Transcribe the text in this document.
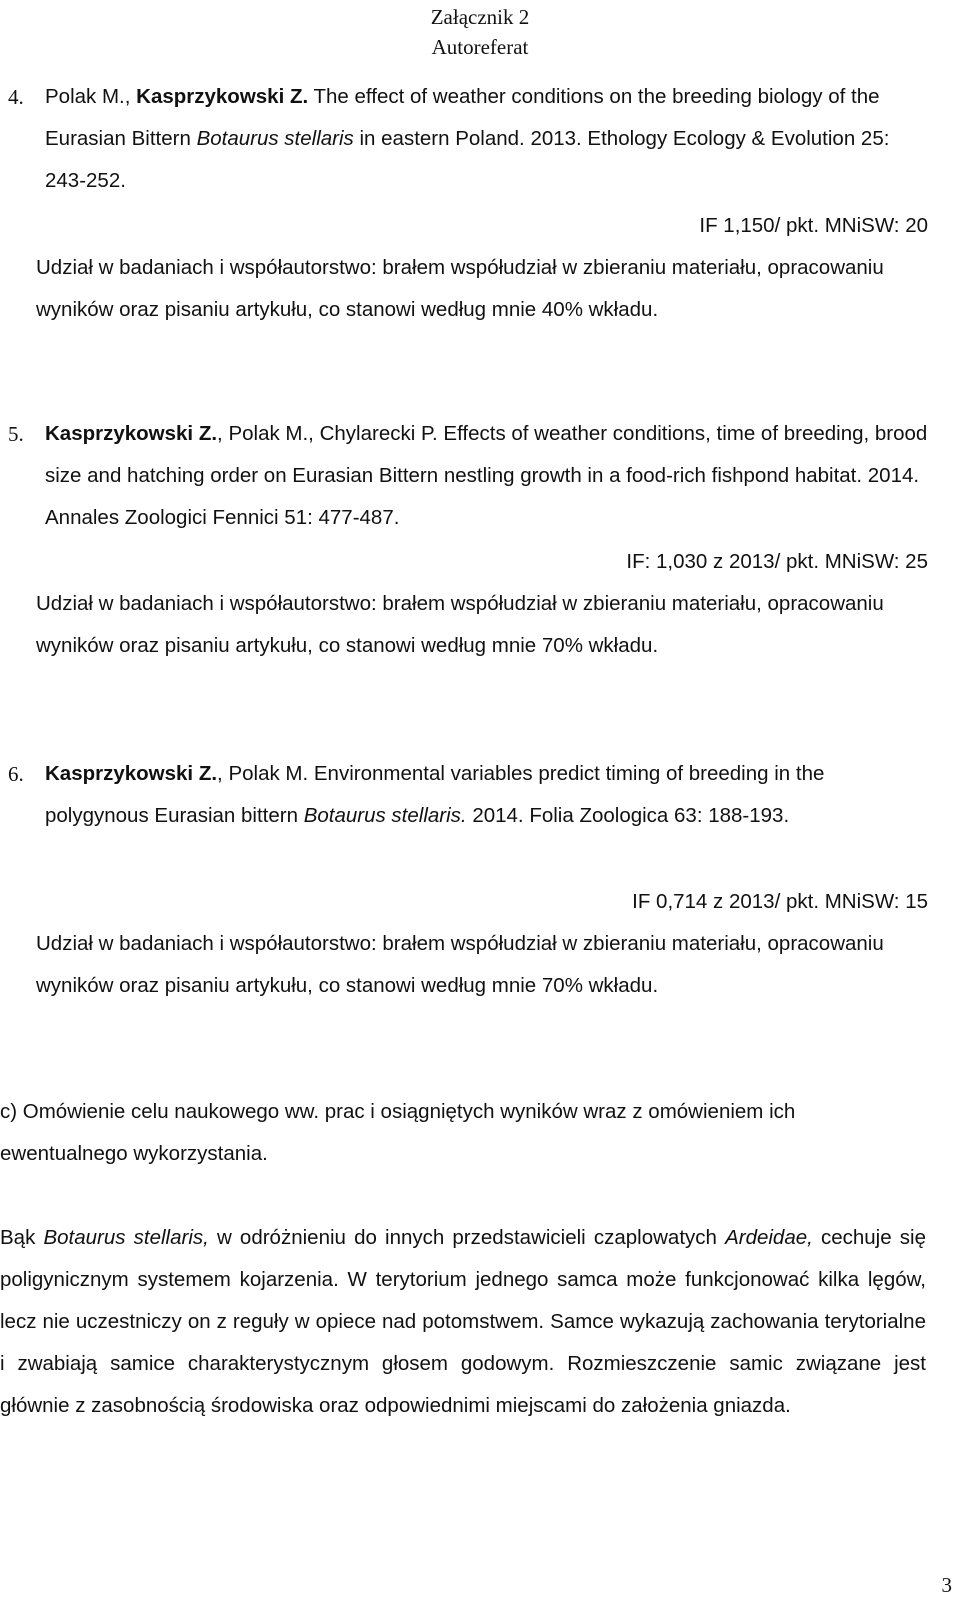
Załącznik 2
Autoreferat
4. Polak M., Kasprzykowski Z. The effect of weather conditions on the breeding biology of the Eurasian Bittern Botaurus stellaris in eastern Poland. 2013. Ethology Ecology & Evolution 25: 243-252.
IF 1,150/ pkt. MNiSW: 20
Udział w badaniach i współautorstwo: brałem współudział w zbieraniu materiału, opracowaniu wyników oraz pisaniu artykułu, co stanowi według mnie 40% wkładu.
5. Kasprzykowski Z., Polak M., Chylarecki P. Effects of weather conditions, time of breeding, brood size and hatching order on Eurasian Bittern nestling growth in a food-rich fishpond habitat. 2014. Annales Zoologici Fennici 51: 477-487.
IF: 1,030 z 2013/ pkt. MNiSW: 25
Udział w badaniach i współautorstwo: brałem współudział w zbieraniu materiału, opracowaniu wyników oraz pisaniu artykułu, co stanowi według mnie 70% wkładu.
6. Kasprzykowski Z., Polak M. Environmental variables predict timing of breeding in the polygynous Eurasian bittern Botaurus stellaris. 2014. Folia Zoologica 63: 188-193.
IF 0,714 z 2013/ pkt. MNiSW: 15
Udział w badaniach i współautorstwo: brałem współudział w zbieraniu materiału, opracowaniu wyników oraz pisaniu artykułu, co stanowi według mnie 70% wkładu.
c) Omówienie celu naukowego ww. prac i osiągniętych wyników wraz z omówieniem ich ewentualnego wykorzystania.
Bąk Botaurus stellaris, w odróżnieniu do innych przedstawicieli czaplowatych Ardeidae, cechuje się poligynicznym systemem kojarzenia. W terytorium jednego samca może funkcjonować kilka lęgów, lecz nie uczestniczy on z reguły w opiece nad potomstwem. Samce wykazują zachowania terytorialne i zwabiają samice charakterystycznym głosem godowym. Rozmieszczenie samic związane jest głównie z zasobnością środowiska oraz odpowiednimi miejscami do założenia gniazda.
3
